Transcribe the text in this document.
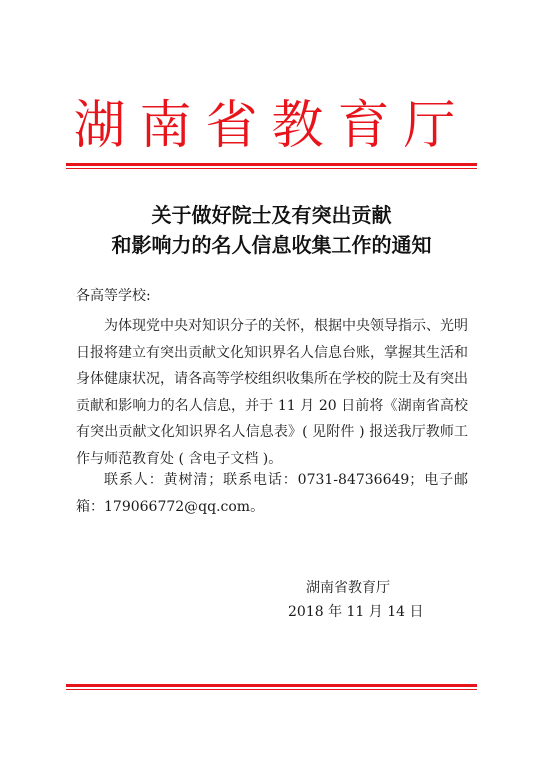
湖南省教育厅
关于做好院士及有突出贡献
和影响力的名人信息收集工作的通知
各高等学校:

为体现党中央对知识分子的关怀，根据中央领导指示、光明日报将建立有突出贡献文化知识界名人信息台账，掌握其生活和身体健康状况，请各高等学校组织收集所在学校的院士及有突出贡献和影响力的名人信息，并于 11 月 20 日前将《湖南省高校有突出贡献文化知识界名人信息表》( 见附件 ) 报送我厅教师工作与师范教育处 ( 含电子文档 )。

联系人：黄树清；联系电话：0731-84736649；电子邮箱：179066772@qq.com。

湖南省教育厅
2018 年 11 月 14 日
